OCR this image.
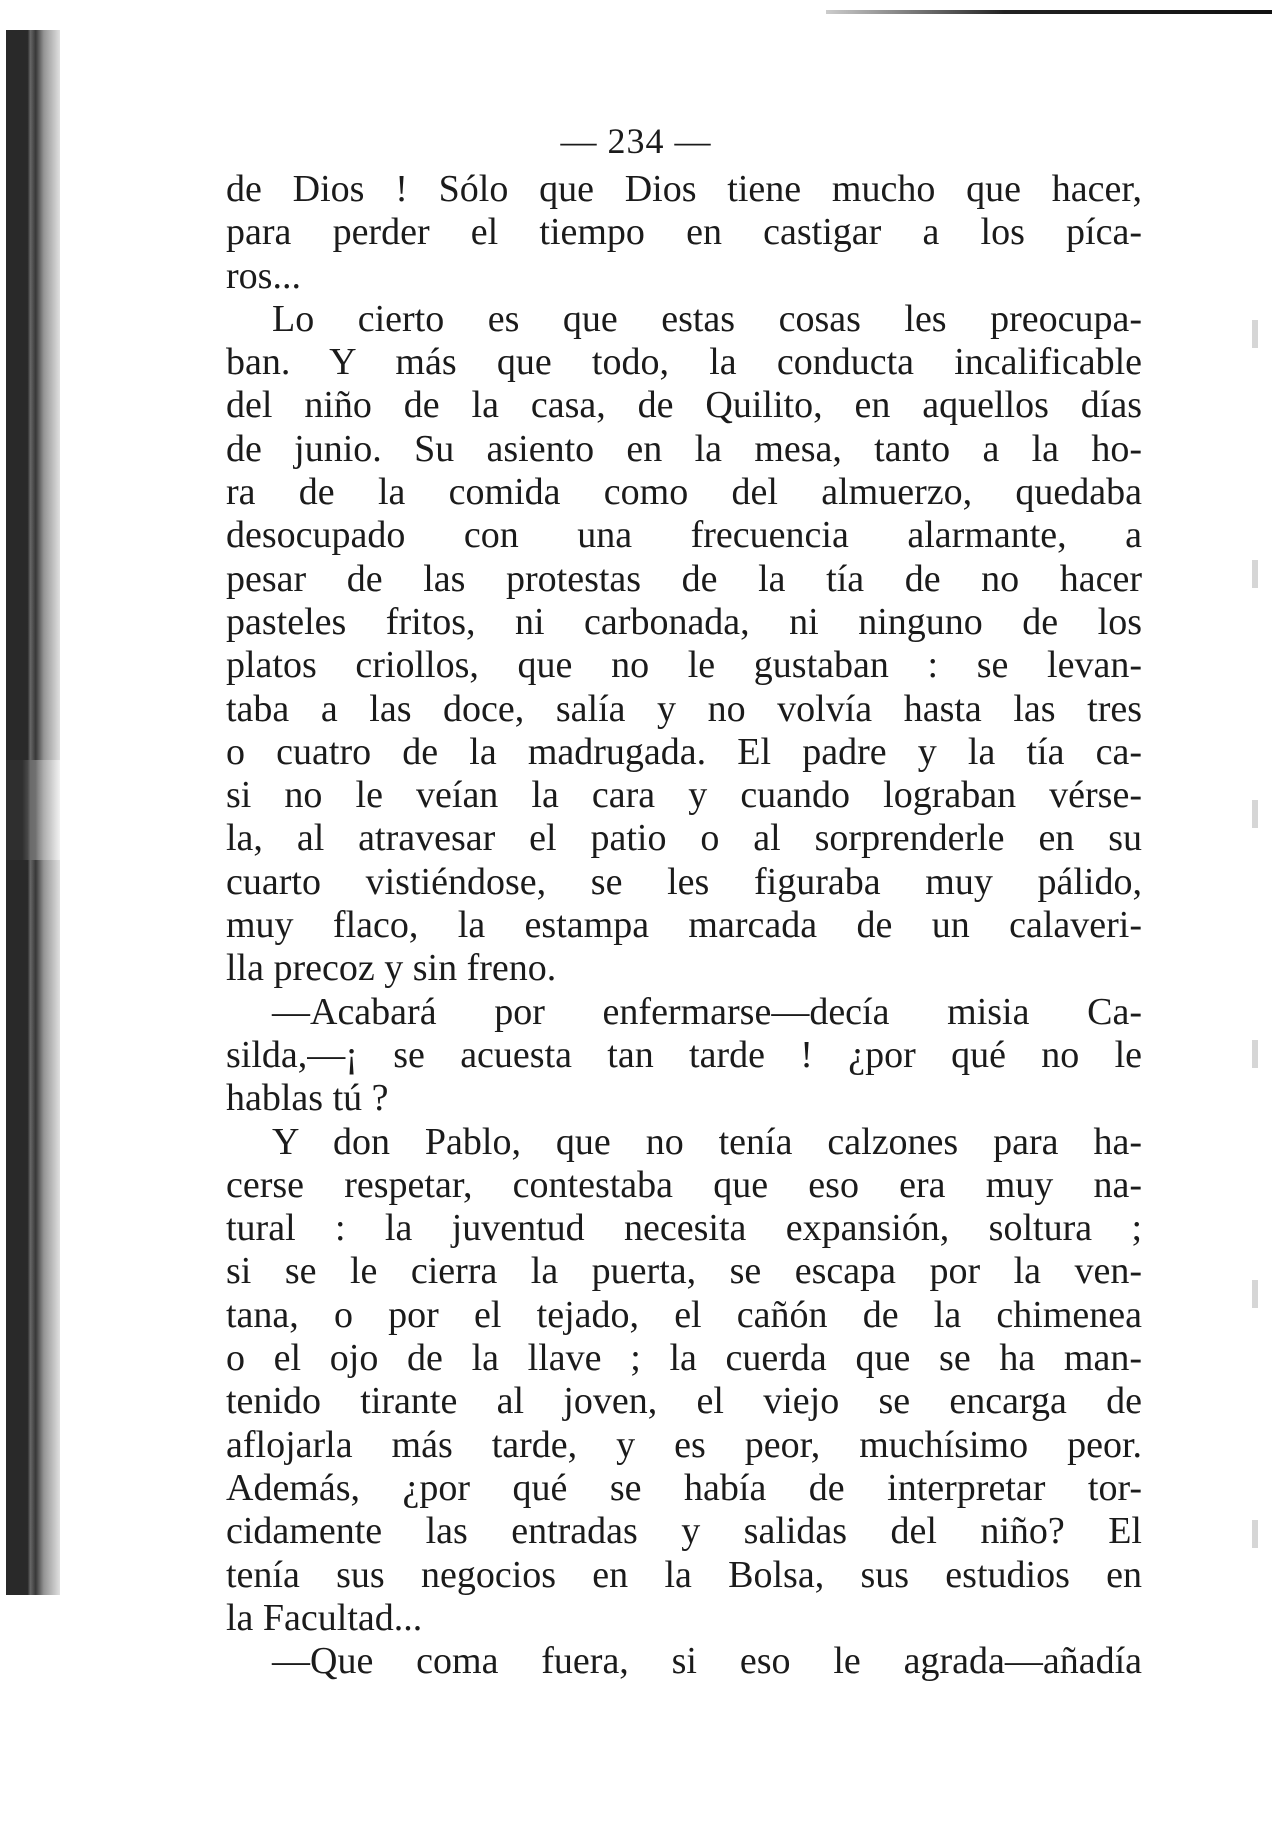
— 234 —
de Dios ! Sólo que Dios tiene mucho que hacer,
para perder el tiempo en castigar a los píca-
ros...
Lo cierto es que estas cosas les preocupa-
ban. Y más que todo, la conducta incalificable
del niño de la casa, de Quilito, en aquellos días
de junio. Su asiento en la mesa, tanto a la ho-
ra de la comida como del almuerzo, quedaba
desocupado con una frecuencia alarmante, a
pesar de las protestas de la tía de no hacer
pasteles fritos, ni carbonada, ni ninguno de los
platos criollos, que no le gustaban : se levan-
taba a las doce, salía y no volvía hasta las tres
o cuatro de la madrugada. El padre y la tía ca-
si no le veían la cara y cuando lograban vérse-
la, al atravesar el patio o al sorprenderle en su
cuarto vistiéndose, se les figuraba muy pálido,
muy flaco, la estampa marcada de un calaveri-
lla precoz y sin freno.
—Acabará por enfermarse—decía misia Ca-
silda,—¡ se acuesta tan tarde ! ¿por qué no le
hablas tú ?
Y don Pablo, que no tenía calzones para ha-
cerse respetar, contestaba que eso era muy na-
tural : la juventud necesita expansión, soltura ;
si se le cierra la puerta, se escapa por la ven-
tana, o por el tejado, el cañón de la chimenea
o el ojo de la llave ; la cuerda que se ha man-
tenido tirante al joven, el viejo se encarga de
aflojarla más tarde, y es peor, muchísimo peor.
Además, ¿por qué se había de interpretar tor-
cidamente las entradas y salidas del niño? El
tenía sus negocios en la Bolsa, sus estudios en
la Facultad...
—Que coma fuera, si eso le agrada—añadía
